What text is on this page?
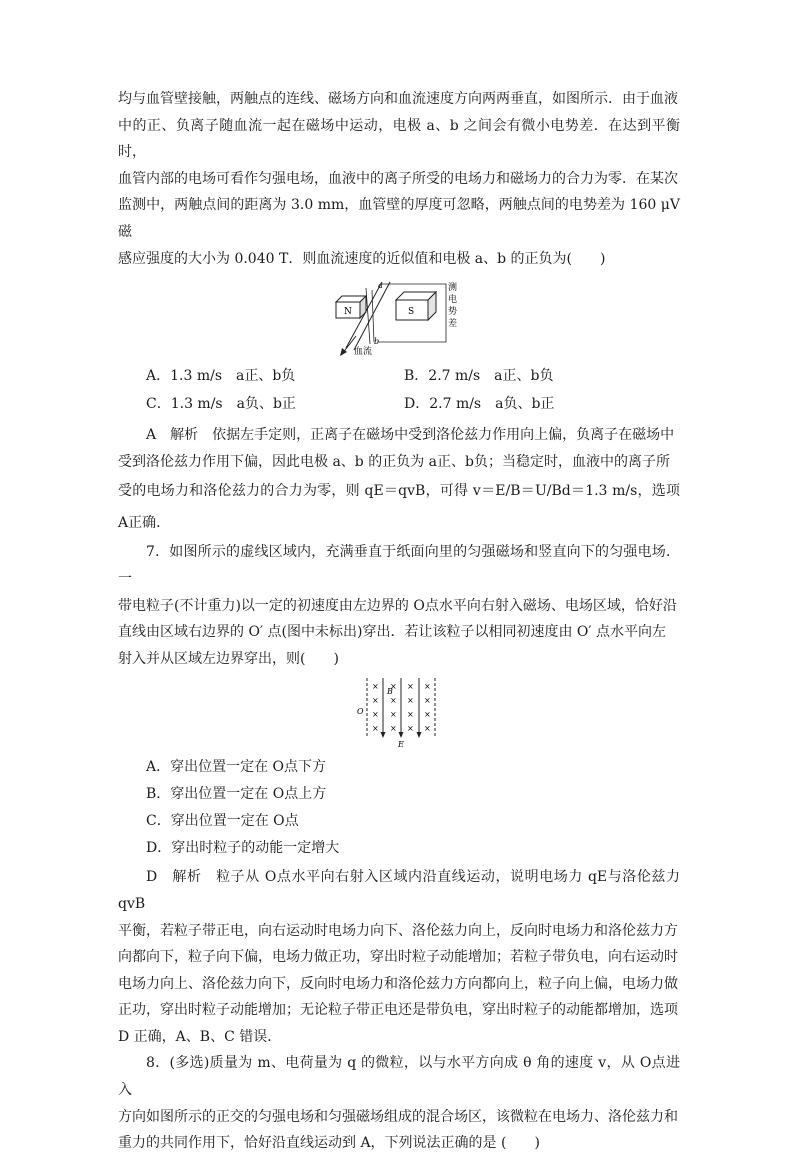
均与血管壁接触，两触点的连线、磁场方向和血流速度方向两两垂直，如图所示．由于血液

中的正、负离子随血流一起在磁场中运动，电极 a、b 之间会有微小电势差．在达到平衡时，

血管内部的电场可看作匀强电场，血液中的离子所受的电场力和磁场力的合力为零．在某次

监测中，两触点间的距离为 3.0 mm，血管壁的厚度可忽略，两触点间的电势差为 160 μV磁

感应强度的大小为 0.040 T．则血流速度的近似值和电极 a、b 的正负为(　　)

N	S
a
b
测
电
势
差
血流
A．1.3 m/s　a正、b负	B．2.7 m/s　a正、b负
C．1.3 m/s　a负、b正	D．2.7 m/s　a负、b正

A　解析　依据左手定则，正离子在磁场中受到洛伦兹力作用向上偏，负离子在磁场中

受到洛伦兹力作用下偏，因此电极 a、b 的正负为 a正、b负；当稳定时，血液中的离子所

受的电场力和洛伦兹力的合力为零，则 qE＝qvB，可得 v＝E/B＝U/Bd＝1.3 m/s，选项 A正确．

7．如图所示的虚线区域内，充满垂直于纸面向里的匀强磁场和竖直向下的匀强电场．一

带电粒子(不计重力)以一定的初速度由左边界的 O点水平向右射入磁场、电场区域，恰好沿

直线由区域右边界的 O′ 点(图中未标出)穿出．若让该粒子以相同初速度由 O′ 点水平向左

射入并从区域左边界穿出，则(　　)

× × × ×
× × × ×
× × × ×
× × × ×
B
O
E
A．穿出位置一定在 O点下方
B．穿出位置一定在 O点上方
C．穿出位置一定在 O点
D．穿出时粒子的动能一定增大

D　解析　粒子从 O点水平向右射入区域内沿直线运动，说明电场力 qE与洛伦兹力 qvB

平衡，若粒子带正电，向右运动时电场力向下、洛伦兹力向上，反向时电场力和洛伦兹力方

向都向下，粒子向下偏，电场力做正功，穿出时粒子动能增加；若粒子带负电，向右运动时

电场力向上、洛伦兹力向下，反向时电场力和洛伦兹力方向都向上，粒子向上偏，电场力做

正功，穿出时粒子动能增加；无论粒子带正电还是带负电，穿出时粒子的动能都增加，选项

D 正确，A、B、C 错误．

8．(多选)质量为 m、电荷量为 q 的微粒，以与水平方向成 θ 角的速度 v，从 O点进入

方向如图所示的正交的匀强电场和匀强磁场组成的混合场区，该微粒在电场力、洛伦兹力和

重力的共同作用下，恰好沿直线运动到 A，下列说法正确的是 (　　)
